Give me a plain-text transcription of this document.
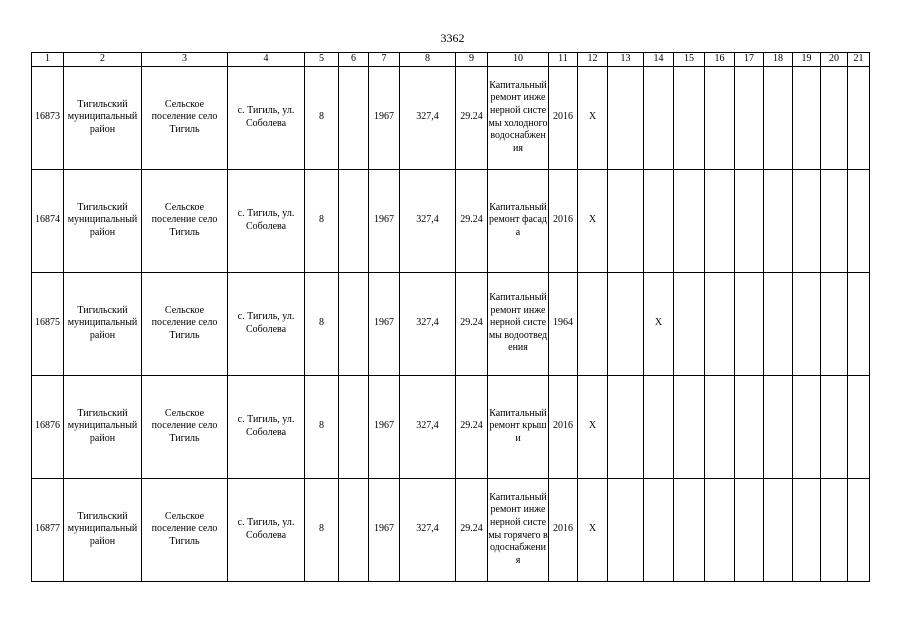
3362
1	2	3	4	5	6	7	8	9	10	11	12	13	14	15	16	17	18	19	20	21
16873	Тигильский муниципальный район	Сельское поселение село Тигиль	с. Тигиль, ул. Соболева	8		1967	327,4	29.24	Капитальный ремонт инженерной системы холодного водоснабжения	2016	X									
16874	Тигильский муниципальный район	Сельское поселение село Тигиль	с. Тигиль, ул. Соболева	8		1967	327,4	29.24	Капитальный ремонт фасада	2016	X									
16875	Тигильский муниципальный район	Сельское поселение село Тигиль	с. Тигиль, ул. Соболева	8		1967	327,4	29.24	Капитальный ремонт инженерной системы водоотведения	1964			X							
16876	Тигильский муниципальный район	Сельское поселение село Тигиль	с. Тигиль, ул. Соболева	8		1967	327,4	29.24	Капитальный ремонт крыши	2016	X									
16877	Тигильский муниципальный район	Сельское поселение село Тигиль	с. Тигиль, ул. Соболева	8		1967	327,4	29.24	Капитальный ремонт инженерной системы горячего водоснабжения	2016	X									
